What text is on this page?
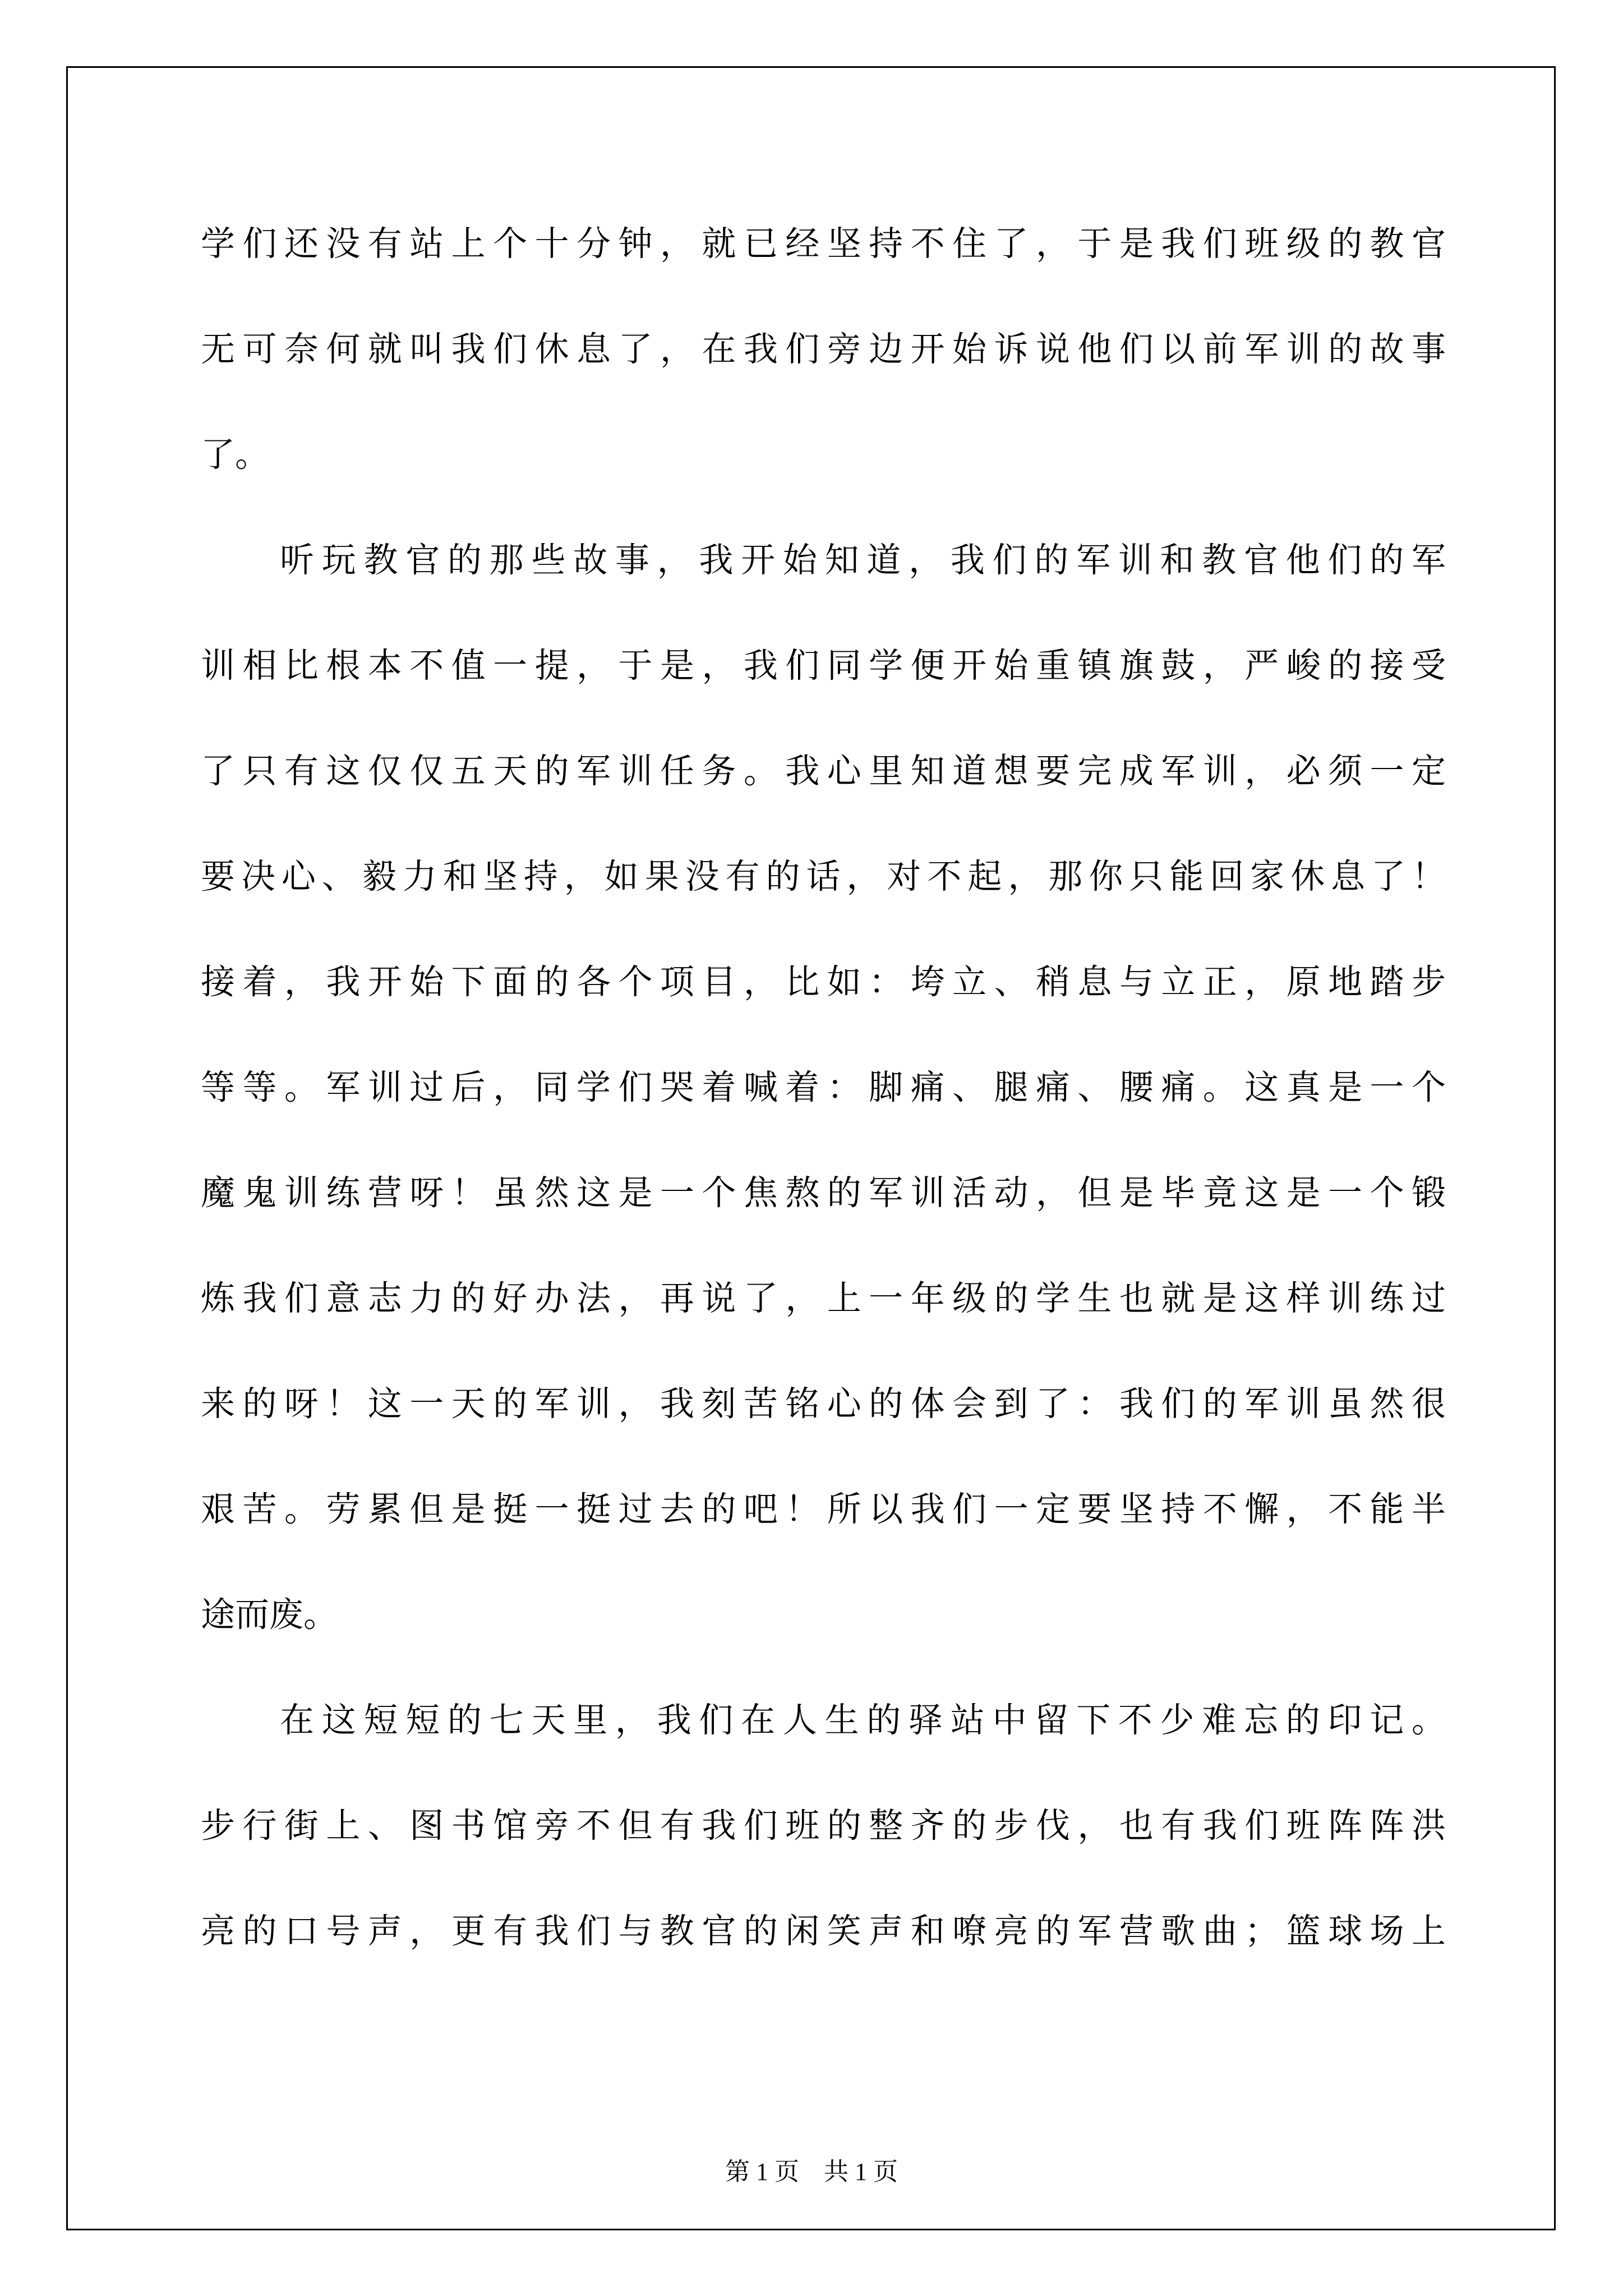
学们还没有站上个十分钟，就已经坚持不住了，于是我们班级的教官
无可奈何就叫我们休息了，在我们旁边开始诉说他们以前军训的故事
了。
听玩教官的那些故事，我开始知道，我们的军训和教官他们的军
训相比根本不值一提，于是，我们同学便开始重镇旗鼓，严峻的接受
了只有这仅仅五天的军训任务。我心里知道想要完成军训，必须一定
要决心、毅力和坚持，如果没有的话，对不起，那你只能回家休息了！
接着，我开始下面的各个项目，比如：垮立、稍息与立正，原地踏步
等等。军训过后，同学们哭着喊着：脚痛、腿痛、腰痛。这真是一个
魔鬼训练营呀！虽然这是一个焦熬的军训活动，但是毕竟这是一个锻
炼我们意志力的好办法，再说了，上一年级的学生也就是这样训练过
来的呀！这一天的军训，我刻苦铭心的体会到了：我们的军训虽然很
艰苦。劳累但是挺一挺过去的吧！所以我们一定要坚持不懈，不能半
途而废。
在这短短的七天里，我们在人生的驿站中留下不少难忘的印记。
步行街上、图书馆旁不但有我们班的整齐的步伐，也有我们班阵阵洪
亮的口号声，更有我们与教官的闲笑声和嘹亮的军营歌曲；篮球场上
第 1 页    共 1 页
